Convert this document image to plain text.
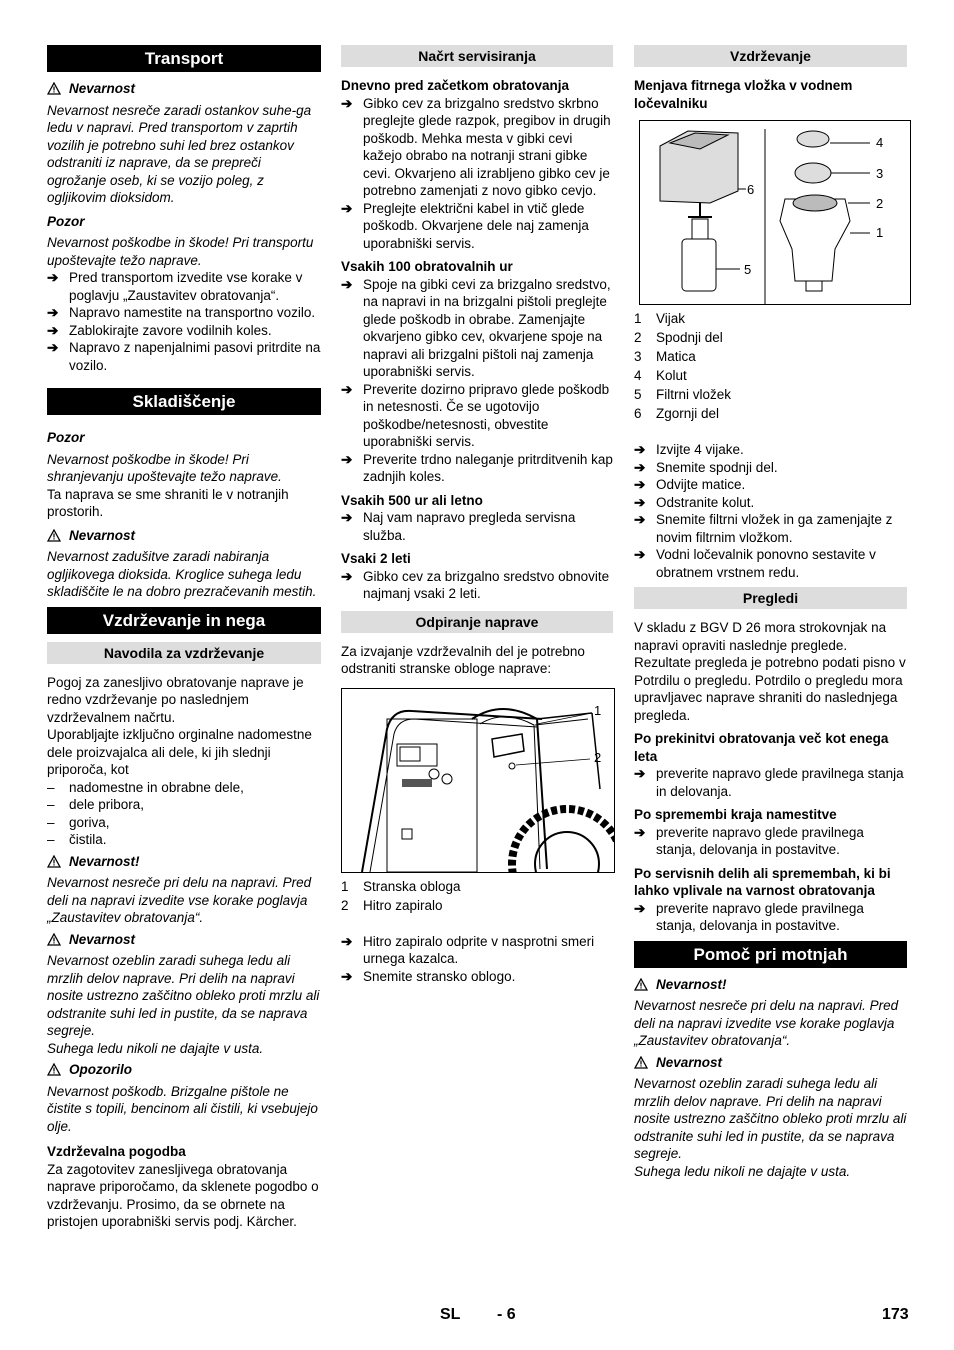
Transport
Nevarnost

Nevarnost nesreče zaradi ostankov suhe-ga ledu v napravi. Pred transportom v zaprtih vozilih je potrebno suhi led brez ostankov odstraniti iz naprave, da se prepreči ogrožanje oseb, ki se vozijo poleg, z ogljikovim dioksidom.

Pozor

Nevarnost poškodbe in škode! Pri transportu upoštevajte težo naprave.

➔ Pred transportom izvedite vse korake v poglavju „Zaustavitev obratovanja“.
➔ Napravo namestite na transportno vozilo.
➔ Zablokirajte zavore vodilnih koles.
➔ Napravo z napenjalnimi pasovi pritrdite na vozilo.
Skladiščenje
Pozor

Nevarnost poškodbe in škode! Pri shranjevanju upoštevajte težo naprave.

Ta naprava se sme shraniti le v notranjih prostorih.

Nevarnost

Nevarnost zadušitve zaradi nabiranja ogljikovega dioksida. Kroglice suhega ledu skladiščite le na dobro prezračevanih mestih.

Vzdrževanje in nega
Navodila za vzdrževanje

Pogoj za zanesljivo obratovanje naprave je redno vzdrževanje po naslednjem vzdrževalnem načrtu.

Uporabljajte izključno orginalne nadomestne dele proizvajalca ali dele, ki jih slednji priporoča, kot

–	nadomestne in obrabne dele,
–	dele pribora,
–	goriva,
–	čistila.
Nevarnost!

Nevarnost nesreče pri delu na napravi. Pred deli na napravi izvedite vse korake poglavja „Zaustavitev obratovanja“.

Nevarnost

Nevarnost ozeblin zaradi suhega ledu ali mrzlih delov naprave. Pri delih na napravi nosite ustrezno zaščitno obleko proti mrzlu ali odstranite suhi led in pustite, da se naprava segreje.

Suhega ledu nikoli ne dajajte v usta.

Opozorilo

Nevarnost poškodb. Brizgalne pištole ne čistite s topili, bencinom ali čistili, ki vsebujejo olje.

Vzdrževalna pogodba

Za zagotovitev zanesljivega obratovanja naprave priporočamo, da sklenete pogodbo o vzdrževanju. Prosimo, da se obrnete na pristojen uporabniški servis podj. Kärcher.

Načrt servisiranja
Dnevno pred začetkom obratovanja
➔ Gibko cev za brizgalno sredstvo skrbno preglejte glede razpok, pregibov in drugih poškodb. Mehka mesta v gibki cevi kažejo obrabo na notranji strani gibke cevi. Okvarjeno ali izrabljeno gibko cev je potrebno zamenjati z novo gibko cevjo.
➔ Preglejte električni kabel in vtič glede poškodb. Okvarjene dele naj zamenja uporabniški servis.
Vsakih 100 obratovalnih ur
➔ Spoje na gibki cevi za brizgalno sredstvo, na napravi in na brizgalni pištoli preglejte glede poškodb in obrabe. Zamenjajte okvarjeno gibko cev, okvarjene spoje na napravi ali brizgalni pištoli naj zamenja uporabniški servis.
➔ Preverite dozirno pripravo glede poškodb in netesnosti. Če se ugotovijo poškodbe/netesnosti, obvestite uporabniški servis.
➔ Preverite trdno naleganje pritrditvenih kap zadnjih koles.
Vsakih 500 ur ali letno
➔ Naj vam napravo pregleda servisna služba.
Vsaki 2 leti
➔ Gibko cev za brizgalno sredstvo obnovite najmanj vsaki 2 leti.
Odpiranje naprave

Za izvajanje vzdrževalnih del je potrebno odstraniti stranske obloge naprave:

1
2
1	Stranska obloga
2	Hitro zapiralo
➔ Hitro zapiralo odprite v nasprotni smeri urnega kazalca.
➔ Snemite stransko oblogo.
Vzdrževanje
Menjava fitrnega vložka v vodnem ločevalniku
4
3
2
1
6
5
1	Vijak
2	Spodnji del
3	Matica
4	Kolut
5	Filtrni vložek
6	Zgornji del
➔ Izvijte 4 vijake.
➔ Snemite spodnji del.
➔ Odvijte matice.
➔ Odstranite kolut.
➔ Snemite filtrni vložek in ga zamenjajte z novim filtrnim vložkom.
➔ Vodni ločevalnik ponovno sestavite v obratnem vrstnem redu.
Pregledi

V skladu z BGV D 26 mora strokovnjak na napravi opraviti naslednje preglede. Rezultate pregleda je potrebno podati pisno v Potrdilu o pregledu. Potrdilo o pregledu mora upravljavec naprave shraniti do naslednjega pregleda.

Po prekinitvi obratovanja več kot enega leta
➔ preverite napravo glede pravilnega stanja in delovanja.
Po spremembi kraja namestitve
➔ preverite napravo glede pravilnega stanja, delovanja in postavitve.
Po servisnih delih ali spremembah, ki bi lahko vplivale na varnost obratovanja
➔ preverite napravo glede pravilnega stanja, delovanja in postavitve.
Pomoč pri motnjah
Nevarnost!

Nevarnost nesreče pri delu na napravi. Pred deli na napravi izvedite vse korake poglavja „Zaustavitev obratovanja“.

Nevarnost

Nevarnost ozeblin zaradi suhega ledu ali mrzlih delov naprave. Pri delih na napravi nosite ustrezno zaščitno obleko proti mrzlu ali odstranite suhi led in pustite, da se naprava segreje.

Suhega ledu nikoli ne dajajte v usta.

SL - 6	173
